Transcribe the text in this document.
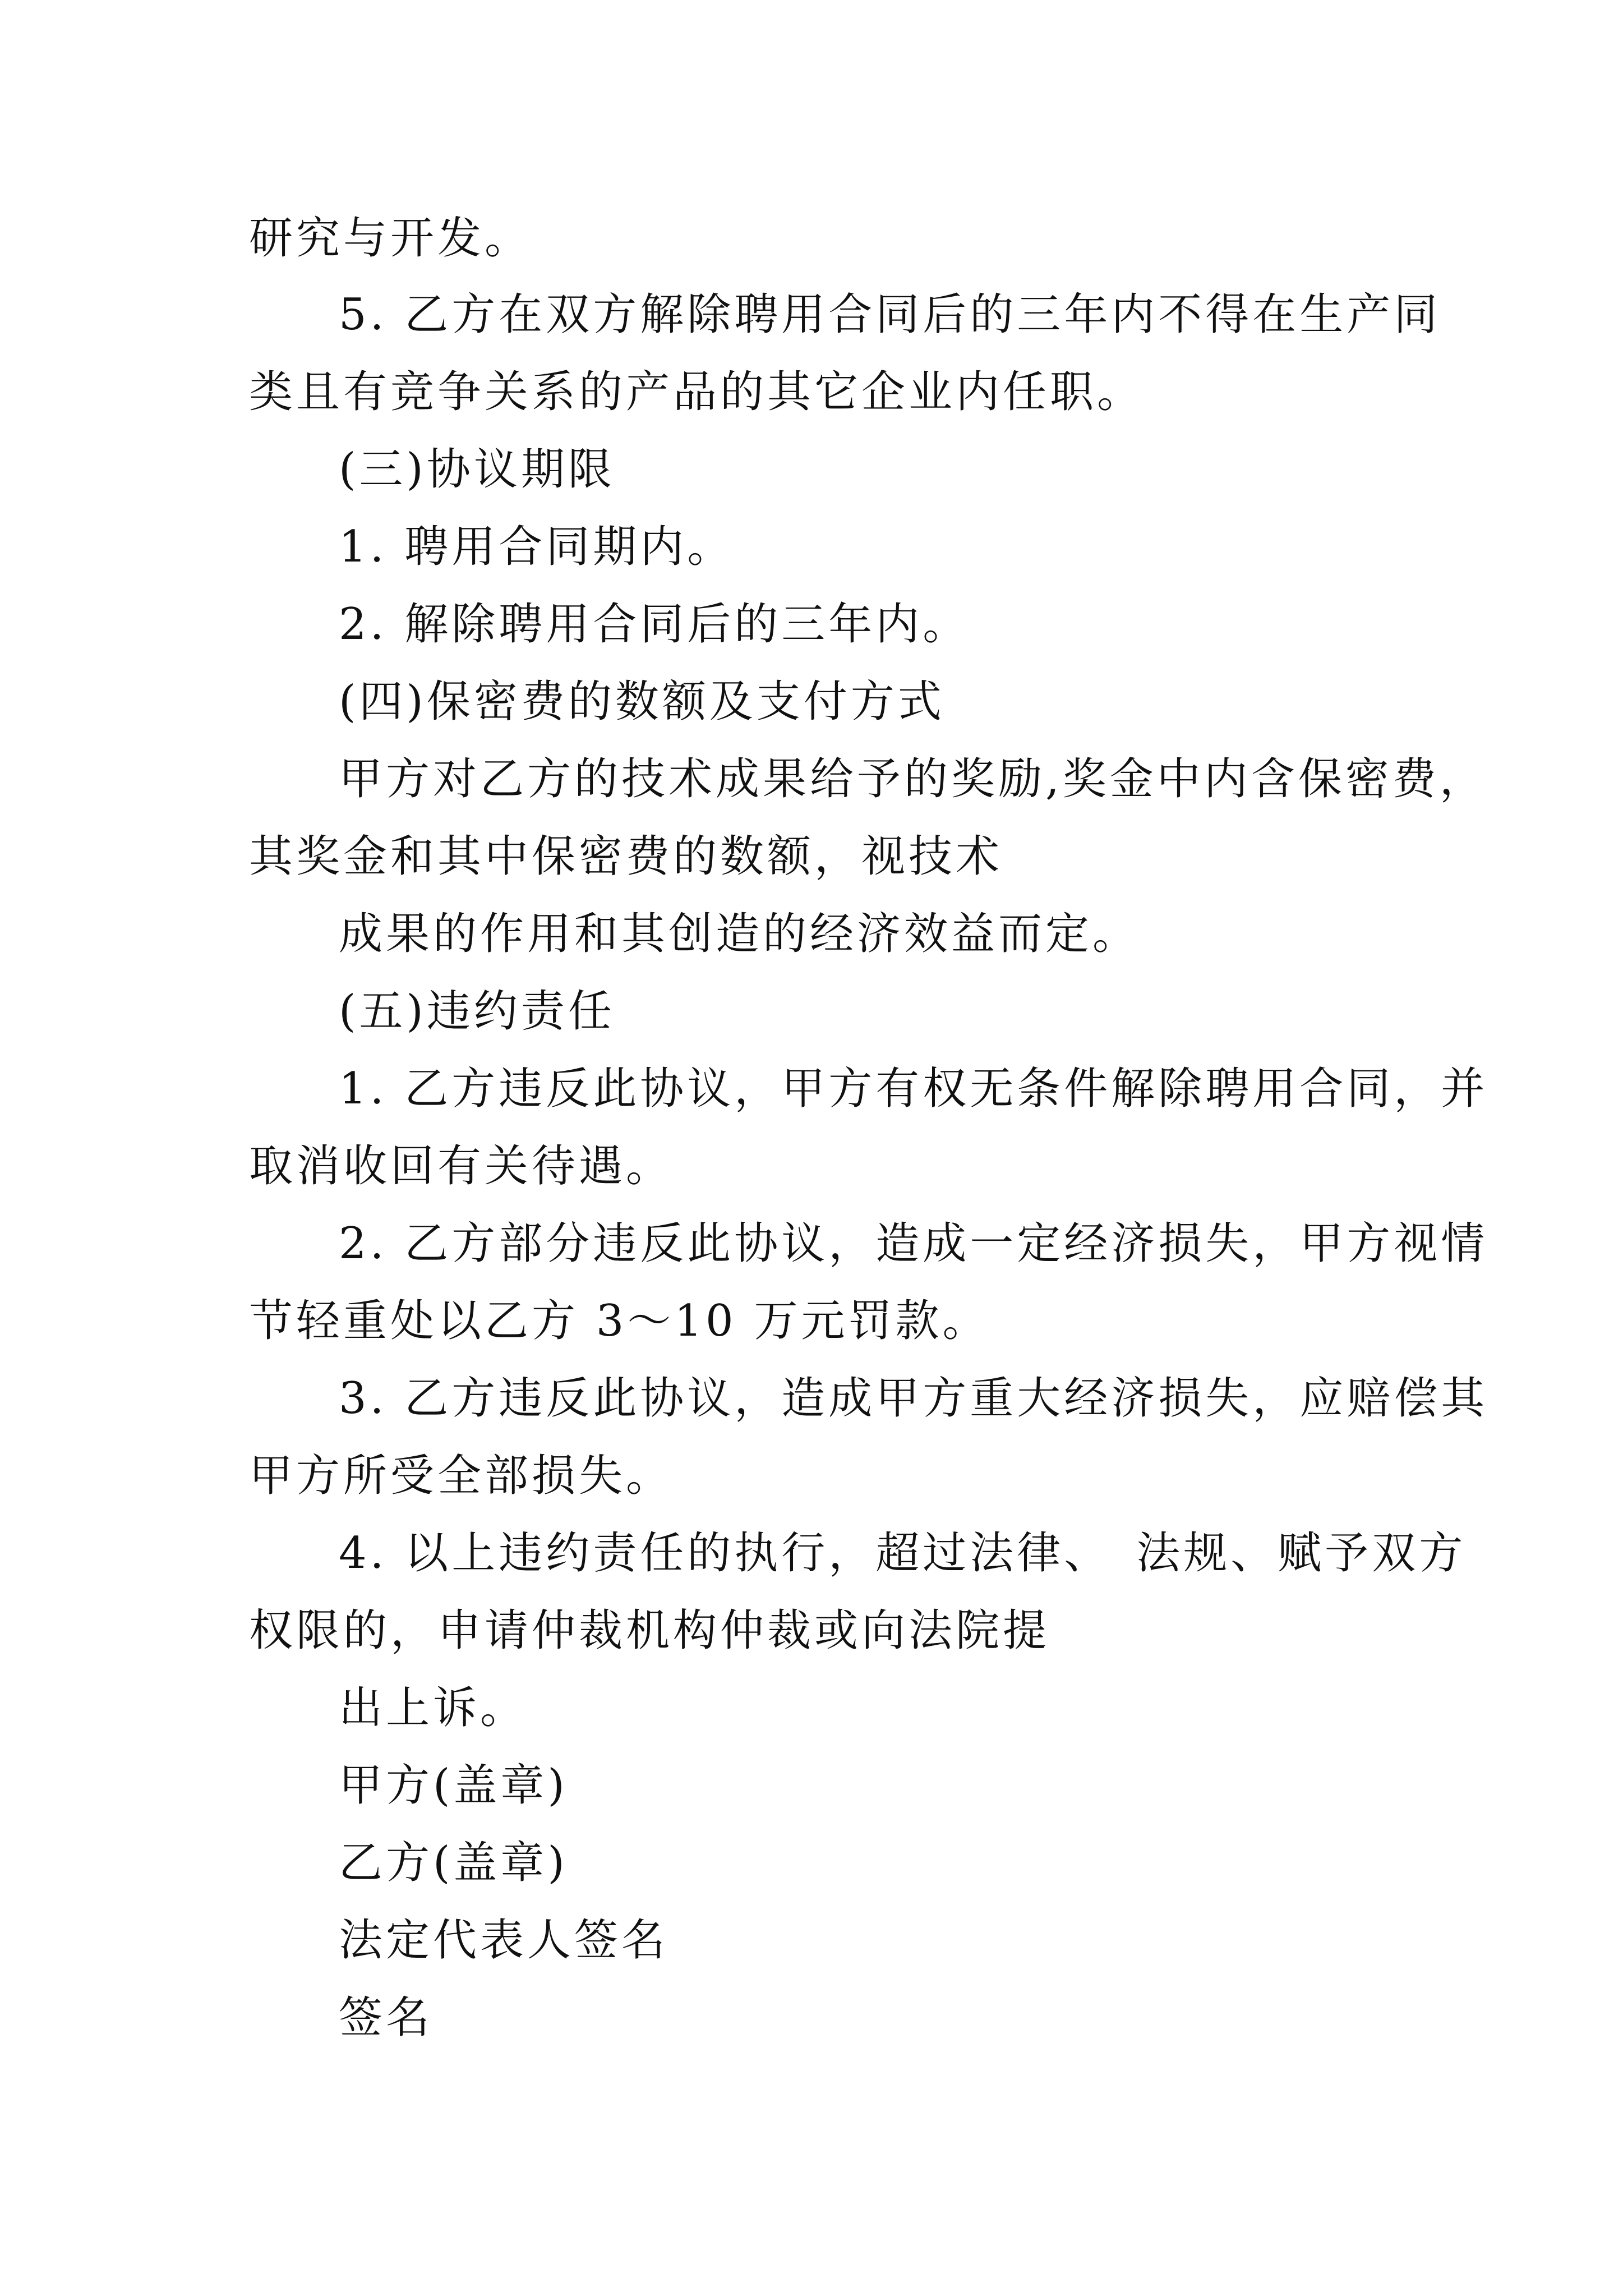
研究与开发。
5. 乙方在双方解除聘用合同后的三年内不得在生产同
类且有竞争关系的产品的其它企业内任职。
(三)协议期限
1. 聘用合同期内。
2. 解除聘用合同后的三年内。
(四)保密费的数额及支付方式
甲方对乙方的技术成果给予的奖励,奖金中内含保密费，
其奖金和其中保密费的数额，视技术
成果的作用和其创造的经济效益而定。
(五)违约责任
1. 乙方违反此协议，甲方有权无条件解除聘用合同，并
取消收回有关待遇。
2. 乙方部分违反此协议，造成一定经济损失，甲方视情
节轻重处以乙方 3～10 万元罚款。
3. 乙方违反此协议，造成甲方重大经济损失，应赔偿其
甲方所受全部损失。
4. 以上违约责任的执行，超过法律、　法规、赋予双方
权限的，申请仲裁机构仲裁或向法院提
出上诉。
甲方(盖章)
乙方(盖章)
法定代表人签名
签名
